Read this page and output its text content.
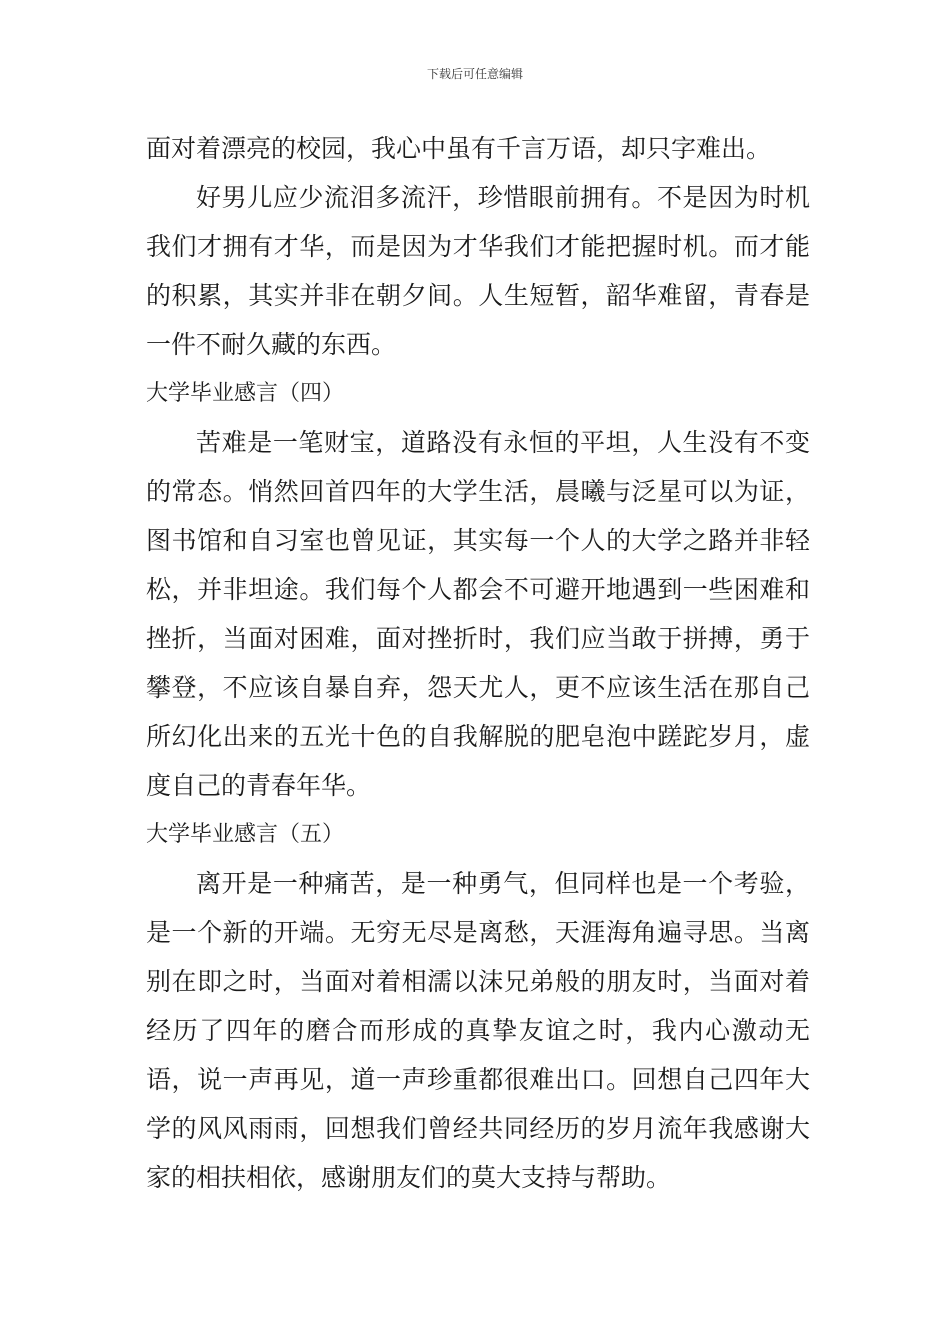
下载后可任意编辑

面对着漂亮的校园，我心中虽有千言万语，却只字难出。

好男儿应少流泪多流汗，珍惜眼前拥有。不是因为时机我们才拥有才华，而是因为才华我们才能把握时机。而才能的积累，其实并非在朝夕间。人生短暂，韶华难留，青春是一件不耐久藏的东西。

大学毕业感言（四）

苦难是一笔财宝，道路没有永恒的平坦，人生没有不变的常态。悄然回首四年的大学生活，晨曦与泛星可以为证，图书馆和自习室也曾见证，其实每一个人的大学之路并非轻松，并非坦途。我们每个人都会不可避开地遇到一些困难和挫折，当面对困难，面对挫折时，我们应当敢于拼搏，勇于攀登，不应该自暴自弃，怨天尤人，更不应该生活在那自己所幻化出来的五光十色的自我解脱的肥皂泡中蹉跎岁月，虚度自己的青春年华。

大学毕业感言（五）

离开是一种痛苦，是一种勇气，但同样也是一个考验，是一个新的开端。无穷无尽是离愁，天涯海角遍寻思。当离别在即之时，当面对着相濡以沫兄弟般的朋友时，当面对着经历了四年的磨合而形成的真挚友谊之时，我内心激动无语，说一声再见，道一声珍重都很难出口。回想自己四年大学的风风雨雨，回想我们曾经共同经历的岁月流年我感谢大家的相扶相依，感谢朋友们的莫大支持与帮助。
